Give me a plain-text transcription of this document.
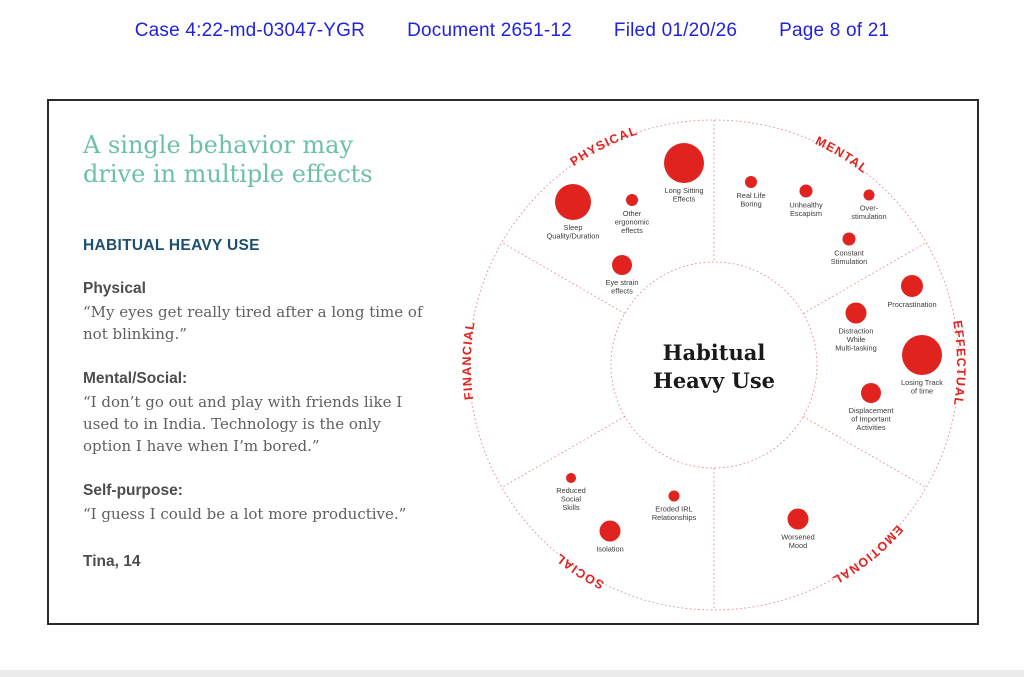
Case 4:22-md-03047-YGR Document 2651-12 Filed 01/20/26 Page 8 of 21
A single behavior may
drive in multiple effects
HABITUAL HEAVY USE
Physical
“My eyes get really tired after a long time of not blinking.”
Mental/Social:
“I don’t go out and play with friends like I used to in India. Technology is the only option I have when I’m bored.”
Self-purpose:
“I guess I could be a lot more productive.”
Tina, 14
PHYSICAL
MENTAL
EFFECTUAL
EMOTIONAL
SOCIAL
FINANCIAL
Sleep Quality/Duration
Other ergonomic effects
Long Sitting Effects
Eye strain effects
Real Life Boring	Unhealthy Escapism
Over-stimulation
Constant Stimulation
Procrastination
Distraction While Multi-tasking
Losing Track of time
Displacement of Important Activities
Worsened Mood
Reduced Social Skills
Isolation
Eroded IRL Relationships
Habitual
Heavy Use
